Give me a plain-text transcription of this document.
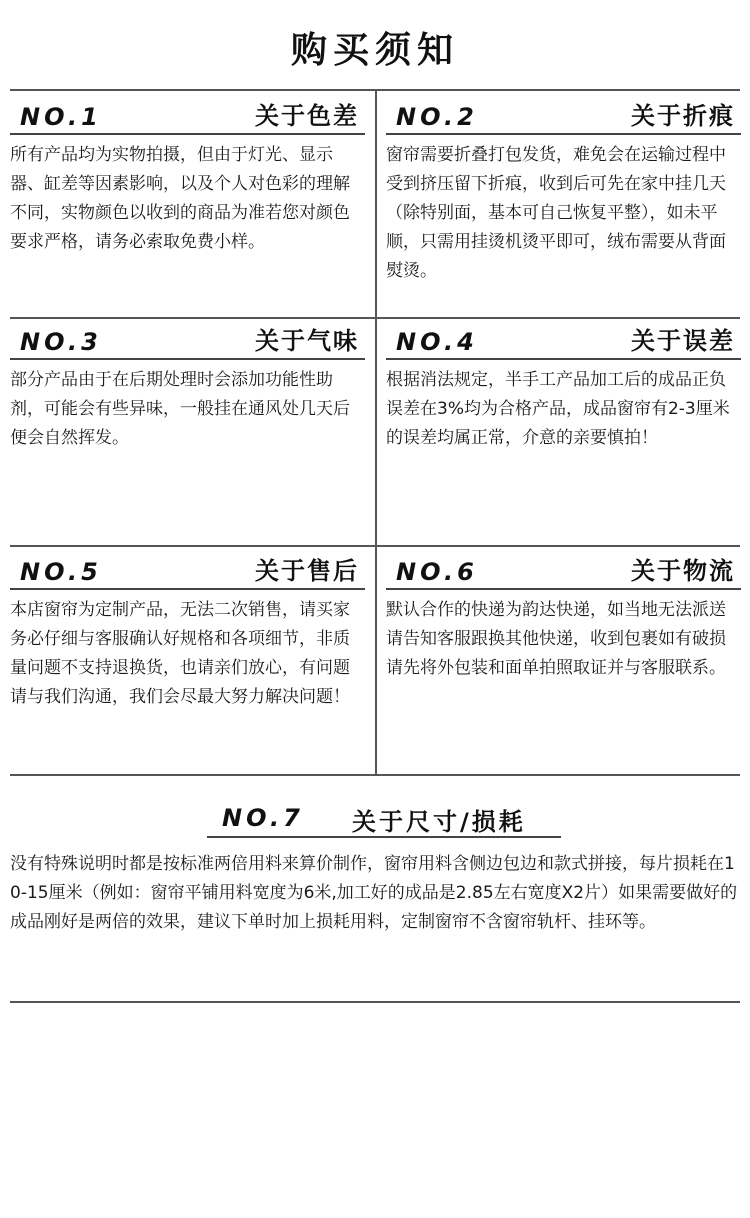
购买须知
NO.1	关于色差
所有产品均为实物拍摄，但由于灯光、显示器、缸差等因素影响，以及个人对色彩的理解不同，实物颜色以收到的商品为准若您对颜色要求严格，请务必索取免费小样。
NO.2	关于折痕
窗帘需要折叠打包发货，难免会在运输过程中受到挤压留下折痕，收到后可先在家中挂几天（除特别面，基本可自己恢复平整），如未平顺，只需用挂烫机烫平即可，绒布需要从背面熨烫。
NO.3	关于气味
部分产品由于在后期处理时会添加功能性助剂，可能会有些异味，一般挂在通风处几天后便会自然挥发。
NO.4	关于误差
根据消法规定，半手工产品加工后的成品正负误差在3%均为合格产品，成品窗帘有2-3厘米的误差均属正常，介意的亲要慎拍！
NO.5	关于售后
本店窗帘为定制产品，无法二次销售，请买家务必仔细与客服确认好规格和各项细节，非质量问题不支持退换货，也请亲们放心，有问题请与我们沟通，我们会尽最大努力解决问题！
NO.6	关于物流
默认合作的快递为韵达快递，如当地无法派送请告知客服跟换其他快递，收到包裹如有破损请先将外包装和面单拍照取证并与客服联系。
NO.7 关于尺寸/损耗
没有特殊说明时都是按标准两倍用料来算价制作，窗帘用料含侧边包边和款式拼接，每片损耗在10-15厘米（例如：窗帘平铺用料宽度为6米,加工好的成品是2.85左右宽度X2片）如果需要做好的成品刚好是两倍的效果，建议下单时加上损耗用料，定制窗帘不含窗帘轨杆、挂环等。
